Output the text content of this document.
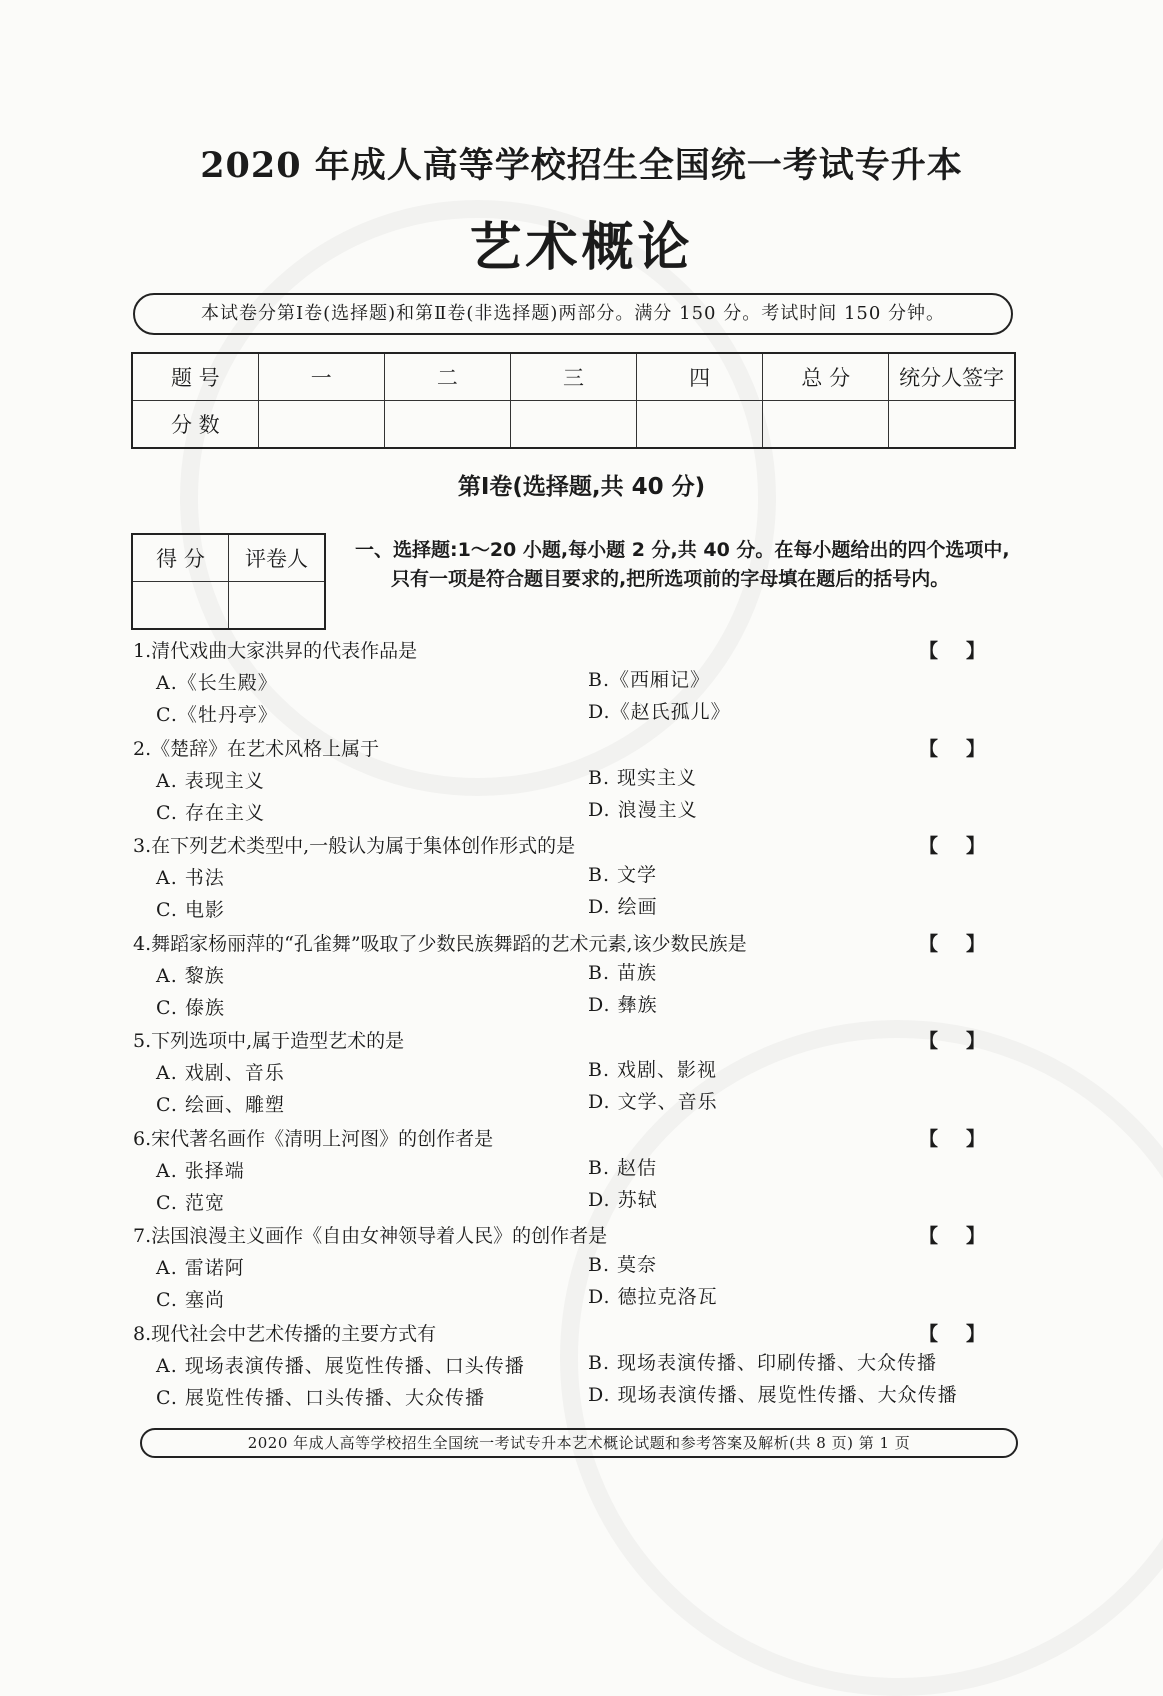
2020 年成人高等学校招生全国统一考试专升本
艺术概论
本试卷分第Ⅰ卷(选择题)和第Ⅱ卷(非选择题)两部分。满分 150 分。考试时间 150 分钟。
题 号	一	二	三	四	总 分	统分人签字
分 数						
第Ⅰ卷(选择题,共 40 分)
得 分	评卷人
	一、选择题:1～20 小题,每小题 2 分,共 40 分。在每小题给出的四个选项中,只有一项是符合题目要求的,把所选项前的字母填在题后的括号内。
1.清代戏曲大家洪昇的代表作品是	【】
A.《长生殿》	B.《西厢记》
C.《牡丹亭》	D.《赵氏孤儿》
2.《楚辞》在艺术风格上属于	【】
A. 表现主义	B. 现实主义
C. 存在主义	D. 浪漫主义
3.在下列艺术类型中,一般认为属于集体创作形式的是	【】
A. 书法	B. 文学
C. 电影	D. 绘画
4.舞蹈家杨丽萍的“孔雀舞”吸取了少数民族舞蹈的艺术元素,该少数民族是	【】
A. 黎族	B. 苗族
C. 傣族	D. 彝族
5.下列选项中,属于造型艺术的是	【】
A. 戏剧、音乐	B. 戏剧、影视
C. 绘画、雕塑	D. 文学、音乐
6.宋代著名画作《清明上河图》的创作者是	【】
A. 张择端	B. 赵佶
C. 范宽	D. 苏轼
7.法国浪漫主义画作《自由女神领导着人民》的创作者是	【】
A. 雷诺阿	B. 莫奈
C. 塞尚	D. 德拉克洛瓦
8.现代社会中艺术传播的主要方式有	【】
A. 现场表演传播、展览性传播、口头传播	B. 现场表演传播、印刷传播、大众传播
C. 展览性传播、口头传播、大众传播	D. 现场表演传播、展览性传播、大众传播
2020 年成人高等学校招生全国统一考试专升本艺术概论试题和参考答案及解析(共 8 页) 第 1 页
